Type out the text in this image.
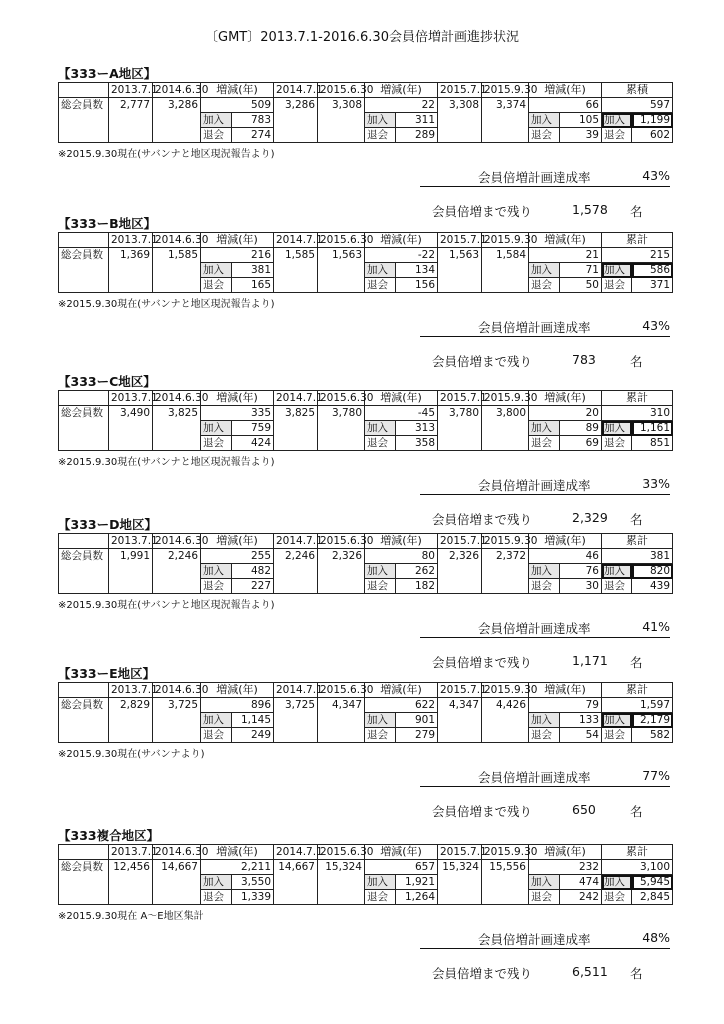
〔GMT〕2013.7.1-2016.6.30会員倍増計画進捗状況
【333ーA地区】
	2013.7.1	2014.6.30	増減(年)		2014.7.1	2015.6.30	増減(年)		2015.7.1	2015.9.30	増減(年)		累積	
総会員数	2,777	3,286	509		3,286	3,308	22		3,308	3,374	66		597	
			加入	783			加入	311			加入	105	加入	1,199
			退会	274			退会	289			退会	39	退会	602
※2015.9.30現在(サバンナと地区現況報告より)
会員倍増計画達成率	43%
会員倍増まで残り	1,578 名
【333ーB地区】
	2013.7.1	2014.6.30	増減(年)		2014.7.1	2015.6.30	増減(年)		2015.7.1	2015.9.30	増減(年)		累計	
総会員数	1,369	1,585	216		1,585	1,563	-22		1,563	1,584	21		215	
			加入	381			加入	134			加入	71	加入	586
			退会	165			退会	156			退会	50	退会	371
※2015.9.30現在(サバンナと地区現況報告より)
会員倍増計画達成率	43%
会員倍増まで残り	783	名
【333ーC地区】
	2013.7.1	2014.6.30	増減(年)		2014.7.1	2015.6.30	増減(年)		2015.7.1	2015.9.30	増減(年)		累計	
総会員数	3,490	3,825	335		3,825	3,780	-45		3,780	3,800	20		310	
			加入	759			加入	313			加入	89	加入	1,161
			退会	424			退会	358			退会	69	退会	851
※2015.9.30現在(サバンナと地区現況報告より)
会員倍増計画達成率	33%
会員倍増まで残り	2,329 名
【333ーD地区】
	2013.7.1	2014.6.30	増減(年)		2014.7.1	2015.6.30	増減(年)		2015.7.1	2015.9.30	増減(年)		累計	
総会員数	1,991	2,246	255		2,246	2,326	80		2,326	2,372	46		381	
			加入	482			加入	262			加入	76	加入	820
			退会	227			退会	182			退会	30	退会	439
※2015.9.30現在(サバンナと地区現況報告より)
会員倍増計画達成率	41%
会員倍増まで残り	1,171 名
【333ーE地区】
	2013.7.1	2014.6.30	増減(年)		2014.7.1	2015.6.30	増減(年)		2015.7.1	2015.9.30	増減(年)		累計	
総会員数	2,829	3,725	896		3,725	4,347	622		4,347	4,426	79		1,597	
			加入	1,145			加入	901			加入	133	加入	2,179
			退会	249			退会	279			退会	54	退会	582
※2015.9.30現在(サバンナより)
会員倍増計画達成率	77%
会員倍増まで残り	650	名
【333複合地区】
	2013.7.1	2014.6.30	増減(年)		2014.7.1	2015.6.30	増減(年)		2015.7.1	2015.9.30	増減(年)		累計	
総会員数	12,456	14,667	2,211		14,667	15,324	657		15,324	15,556	232		3,100	
			加入	3,550			加入	1,921			加入	474	加入	5,945
			退会	1,339			退会	1,264			退会	242	退会	2,845
※2015.9.30現在 A～E地区集計
会員倍増計画達成率	48%
会員倍増まで残り	6,511 名
